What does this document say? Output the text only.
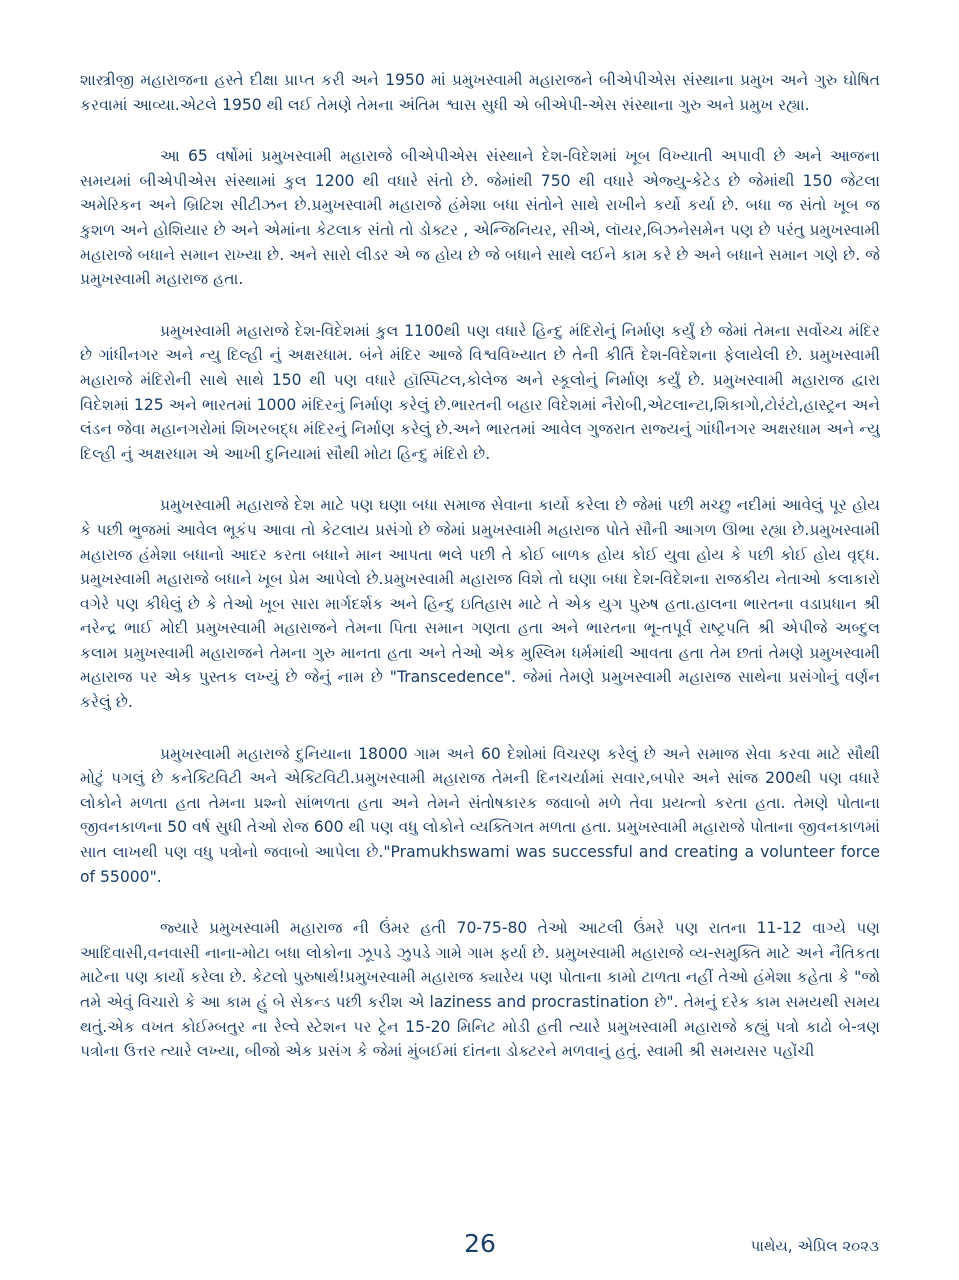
શાસ્ત્રીજી મહારાજના હસ્તે દીક્ષા પ્રાપ્ત કરી અને 1950 માં પ્રમુખસ્વામી મહારાજને બીએપીએસ સંસ્થાના પ્રમુખ અને ગુરુ ઘોષિત કરવામાં આવ્યા.એટલે 1950 થી લઈ તેમણે તેમના અંતિમ શ્વાસ સુધી એ બીએપી-એસ સંસ્થાના ગુરુ અને પ્રમુખ રહ્યા.

આ 65 વર્ષોમાં પ્રમુખસ્વામી મહારાજે બીએપીએસ સંસ્થાને દેશ-વિદેશમાં ખૂબ વિખ્યાતી અપાવી છે અને આજના સમયમાં બીએપીએસ સંસ્થામાં કુલ 1200 થી વધારે સંતો છે. જેમાંથી 750 થી વધારે એજ્યુ-કેટેડ છે જેમાંથી 150 જેટલા અમેરિકન અને બ્રિટિશ સીટીઝન છે.પ્રમુખસ્વામી મહારાજે હંમેશા બધા સંતોને સાથે રાખીને કર્યો કર્યા છે. બધા જ સંતો ખૂબ જ કુશળ અને હોશિયાર છે અને એમાંના કેટલાક સંતો તો ડોક્ટર , એન્જિનિયર, સીએ, લૉયર,બિઝનેસમેન પણ છે પરંતુ પ્રમુખસ્વામી મહારાજે બધાને સમાન રાખ્યા છે. અને સારો લીડર એ જ હોય છે જે બધાને સાથે લઈને કામ કરે છે અને બધાને સમાન ગણે છે. જે પ્રમુખસ્વામી મહારાજ હતા.

પ્રમુખસ્વામી મહારાજે દેશ-વિદેશમાં કુલ 1100થી પણ વધારે હિન્દુ મંદિરોનું નિર્માણ કર્યું છે જેમાં તેમના સર્વોચ્ચ મંદિર છે ગાંધીનગર અને ન્યુ દિલ્હી નું અક્ષરધામ. બંને મંદિર આજે વિશ્વવિખ્યાત છે તેની કીર્તિ દેશ-વિદેશના ફેલાયેલી છે. પ્રમુખસ્વામી મહારાજે મંદિરોની સાથે સાથે 150 થી પણ વધારે હૉસ્પિટલ,કોલેજ અને સ્કૂલોનું નિર્માણ કર્યું છે. પ્રમુખસ્વામી મહારાજ દ્વારા વિદેશમાં 125 અને ભારતમાં 1000 મંદિરનું નિર્માણ કરેલું છે.ભારતની બહાર વિદેશમાં નૈરોબી,એટલાન્ટા,શિકાગો,ટોરંટો,હાસ્ટ્રન અને લંડન જેવા મહાનગરોમાં શિખરબદ્ધ મંદિરનું નિર્માણ કરેલું છે.અને ભારતમાં આવેલ ગુજરાત રાજ્યનું ગાંધીનગર અક્ષરધામ અને ન્યુ દિલ્હી નું અક્ષરધામ એ આખી દુનિયામાં સૌથી મોટા હિન્દુ મંદિરો છે.

પ્રમુખસ્વામી મહારાજે દેશ માટે પણ ઘણા બધા સમાજ સેવાના કાર્યો કરેલા છે જેમાં પછી મચ્છુ નદીમાં આવેલું પૂર હોય કે પછી ભુજમાં આવેલ ભૂકંપ આવા તો કેટલાય પ્રસંગો છે જેમાં પ્રમુખસ્વામી મહારાજ પોતે સૌની આગળ ઊભા રહ્યા છે.પ્રમુખસ્વામી મહારાજ હંમેશા બધાનો આદર કરતા બધાને માન આપતા ભલે પછી તે કોઈ બાળક હોય કોઈ યુવા હોય કે પછી કોઈ હોય વૃદ્ધ. પ્રમુખસ્વામી મહારાજે બધાને ખૂબ પ્રેમ આપેલો છે.પ્રમુખસ્વામી મહારાજ વિશે તો ઘણા બધા દેશ-વિદેશના રાજકીય નેતાઓ કલાકારો વગેરે પણ કીધેલું છે કે તેઓ ખૂબ સારા માર્ગદર્શક અને હિન્દુ ઇતિહાસ માટે તે એક યુગ પુરુષ હતા.હાલના ભારતના વડાપ્રધાન શ્રી નરેન્દ્ર ભાઈ મોદી પ્રમુખસ્વામી મહારાજને તેમના પિતા સમાન ગણતા હતા અને ભારતના ભૂ-તપૂર્વ રાષ્ટ્રપતિ શ્રી એપીજે અબ્દુલ કલામ પ્રમુખસ્વામી મહારાજને તેમના ગુરુ માનતા હતા અને તેઓ એક મુસ્લિમ ધર્મમાંથી આવતા હતા તેમ છતાં તેમણે પ્રમુખસ્વામી મહારાજ પર એક પુસ્તક લખ્યું છે જેનું નામ છે "Transcedence". જેમાં તેમણે પ્રમુખસ્વામી મહારાજ સાથેના પ્રસંગોનું વર્ણન કરેલું છે.

પ્રમુખસ્વામી મહારાજે દુનિયાના 18000 ગામ અને 60 દેશોમાં વિચરણ કરેલું છે અને સમાજ સેવા કરવા માટે સૌથી મોટું પગલું છે કનેક્ટિવિટી અને એક્ટિવિટી.પ્રમુખસ્વામી મહારાજ તેમની દિનચર્યામાં સવાર,બપોર અને સાંજ 200થી પણ વધારે લોકોને મળતા હતા તેમના પ્રશ્નો સાંભળતા હતા અને તેમને સંતોષકારક જવાબો મળે તેવા પ્રયત્નો કરતા હતા. તેમણે પોતાના જીવનકાળના 50 વર્ષ સુધી તેઓ રોજ 600 થી પણ વધુ લોકોને વ્યક્તિગત મળતા હતા. પ્રમુખસ્વામી મહારાજે પોતાના જીવનકાળમાં સાત લાખથી પણ વધુ પત્રોનો જવાબો આપેલા છે."Pramukhswami was successful and creating a volunteer force of 55000".

જ્યારે પ્રમુખસ્વામી મહારાજ ની ઉંમર હતી 70-75-80 તેઓ આટલી ઉંમરે પણ રાતના 11-12 વાગ્યે પણ આદિવાસી,વનવાસી નાના-મોટા બધા લોકોના ઝૂપડે ઝુપડે ગામે ગામ ફર્યા છે. પ્રમુખસ્વામી મહારાજે વ્ય-સમુક્તિ માટે અને નૈતિકતા માટેના પણ કાર્યો કરેલા છે. કેટલો પુરુષાર્થ!પ્રમુખસ્વામી મહારાજ ક્યારેય પણ પોતાના કામો ટાળતા નહીં તેઓ હંમેશા કહેતા કે "જો તમે એવું વિચારો કે આ કામ હું બે સેકન્ડ પછી કરીશ એ laziness and procrastination છે". તેમનું દરેક કામ સમયથી સમય થતું.એક વખત કોઈમ્બતુર ના રેલ્વે સ્ટેશન પર ટ્રેન 15-20 મિનિટ મોડી હતી ત્યારે પ્રમુખસ્વામી મહારાજે કહ્યું પત્રો કાઢો બે-ત્રણ પત્રોના ઉત્તર ત્યારે લખ્યા, બીજો એક પ્રસંગ કે જેમાં મુંબઈમાં દાંતના ડોક્ટરને મળવાનું હતું. સ્વામી શ્રી સમયસર પહોંચી

26	પાથેય, એપ્રિલ ૨૦૨૩
